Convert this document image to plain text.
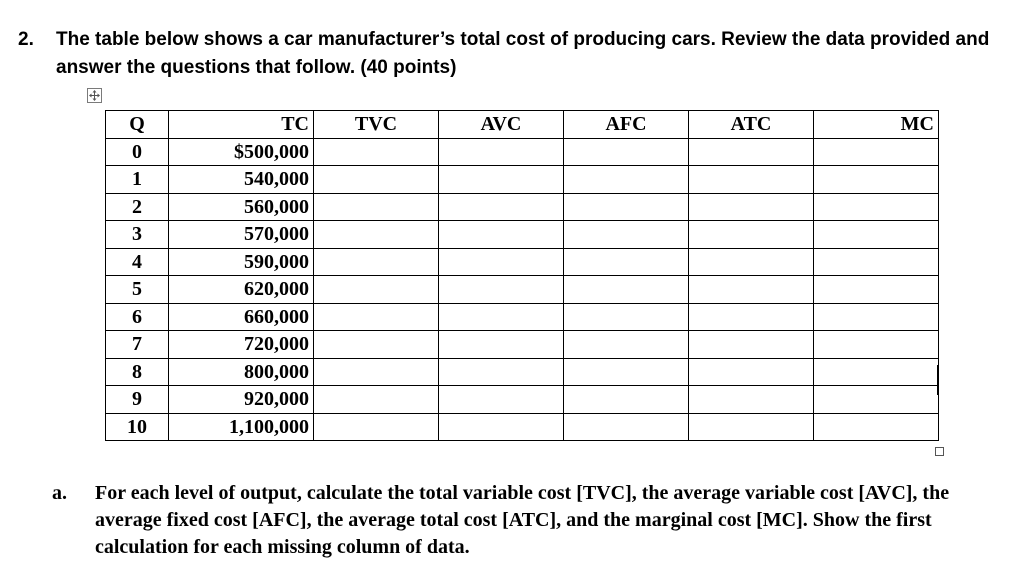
2. The table below shows a car manufacturer’s total cost of producing cars. Review the data provided and answer the questions that follow. (40 points)
Q	TC	TVC	AVC	AFC	ATC	MC
0	$500,000					
1	540,000					
2	560,000					
3	570,000					
4	590,000					
5	620,000					
6	660,000					
7	720,000					
8	800,000					
9	920,000					
10	1,100,000					
a. For each level of output, calculate the total variable cost [TVC], the average variable cost [AVC], the average fixed cost [AFC], the average total cost [ATC], and the marginal cost [MC]. Show the first calculation for each missing column of data.
